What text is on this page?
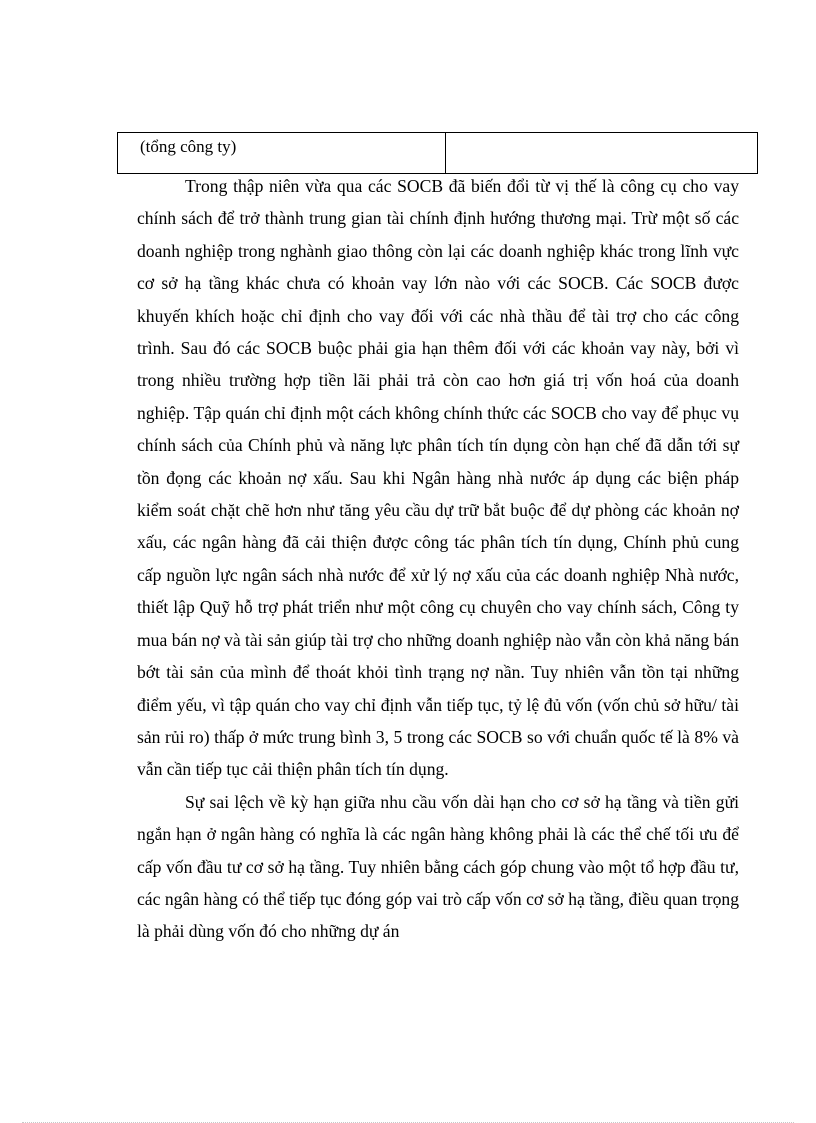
(tổng công ty)	

Trong thập niên vừa qua các SOCB đã biến đổi từ vị thế là công cụ cho vay chính sách để trở thành trung gian tài chính định hướng thương mại. Trừ một số các doanh nghiệp trong nghành giao thông còn lại các doanh nghiệp khác trong lĩnh vực cơ sở hạ tầng khác chưa có khoản vay lớn nào với các SOCB. Các SOCB được khuyến khích hoặc chỉ định cho vay đối với các nhà thầu để tài trợ cho các công trình. Sau đó các SOCB buộc phải gia hạn thêm đối với các khoản vay này, bởi vì trong nhiều trường hợp tiền lãi phải trả còn cao hơn giá trị vốn hoá của doanh nghiệp. Tập quán chỉ định một cách không chính thức các SOCB cho vay để phục vụ chính sách của Chính phủ và năng lực phân tích tín dụng còn hạn chế đã dẫn tới sự tồn đọng các khoản nợ xấu. Sau khi Ngân hàng nhà nước áp dụng các biện pháp kiểm soát chặt chẽ hơn như tăng yêu cầu dự trữ bắt buộc để dự phòng các khoản nợ xấu, các ngân hàng đã cải thiện được công tác phân tích tín dụng, Chính phủ cung cấp nguồn lực ngân sách nhà nước để xử lý nợ xấu của các doanh nghiệp Nhà nước, thiết lập Quỹ hỗ trợ phát triển như một công cụ chuyên cho vay chính sách, Công ty mua bán nợ và tài sản giúp tài trợ cho những doanh nghiệp nào vẫn còn khả năng bán bớt tài sản của mình để thoát khỏi tình trạng nợ nần. Tuy nhiên vẫn tồn tại những điểm yếu, vì tập quán cho vay chỉ định vẫn tiếp tục, tỷ lệ đủ vốn (vốn chủ sở hữu/ tài sản rủi ro) thấp ở mức trung bình 3, 5 trong các SOCB so với chuẩn quốc tế là 8% và vẫn cần tiếp tục cải thiện phân tích tín dụng.

Sự sai lệch về kỳ hạn giữa nhu cầu vốn dài hạn cho cơ sở hạ tầng và tiền gửi ngắn hạn ở ngân hàng có nghĩa là các ngân hàng không phải là các thể chế tối ưu để cấp vốn đầu tư cơ sở hạ tầng. Tuy nhiên bằng cách góp chung vào một tổ hợp đầu tư, các ngân hàng có thể tiếp tục đóng góp vai trò cấp vốn cơ sở hạ tầng, điều quan trọng là phải dùng vốn đó cho những dự án
